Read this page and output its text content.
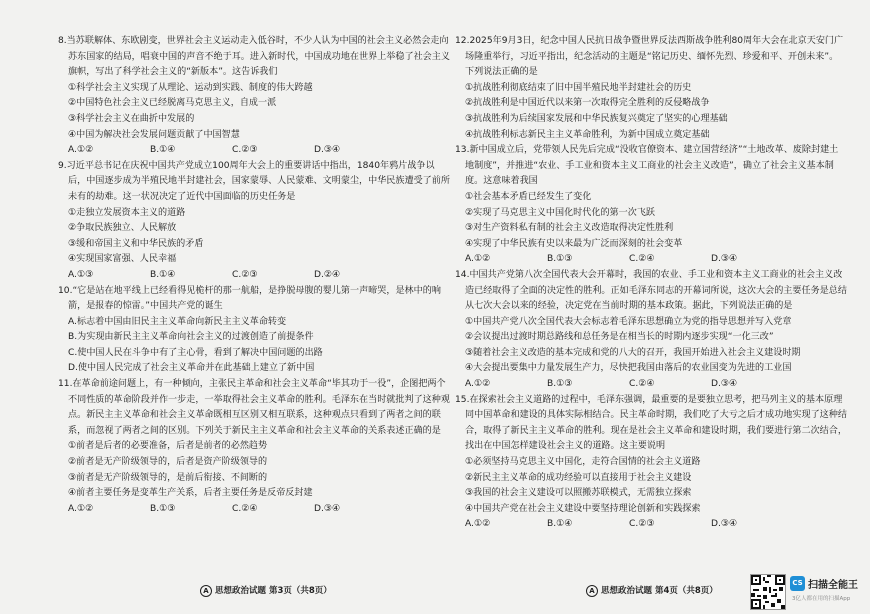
8.当苏联解体、东欧剧变，世界社会主义运动走入低谷时，不少人认为中国的社会主义必然会走向苏东国家的结局，唱衰中国的声音不绝于耳。进入新时代，中国成功地在世界上举稳了社会主义旗帜，写出了科学社会主义的“新版本”。这告诉我们
①科学社会主义实现了从理论、运动到实践、制度的伟大跨越
②中国特色社会主义已经脱离马克思主义，自成一派
③科学社会主义在曲折中发展的
④中国为解决社会发展问题贡献了中国智慧
A.①②	B.①④	C.②③	D.③④
9.习近平总书记在庆祝中国共产党成立100周年大会上的重要讲话中指出，1840年鸦片战争以后，中国逐步成为半殖民地半封建社会，国家蒙辱、人民蒙难、文明蒙尘，中华民族遭受了前所未有的劫难。这一状况决定了近代中国面临的历史任务是
①走独立发展资本主义的道路
②争取民族独立、人民解放
③缓和帝国主义和中华民族的矛盾
④实现国家富强、人民幸福
A.①③	B.①④	C.②③	D.②④
10.“它是站在地平线上已经看得见桅杆的那一航船，是挣脱母腹的婴儿第一声啼哭，是林中的响箭，是报春的惊雷。”中国共产党的诞生
A.标志着中国由旧民主主义革命向新民主主义革命转变
B.为实现由新民主主义革命向社会主义的过渡创造了前提条件
C.使中国人民在斗争中有了主心骨，看到了解决中国问题的出路
D.使中国人民完成了社会主义革命并在此基础上建立了新中国
11.在革命前途问题上，有一种倾向，主张民主革命和社会主义革命“毕其功于一役”，企图把两个不同性质的革命阶段并作一步走，一举取得社会主义革命的胜利。毛泽东在当时就批判了这种观点。新民主主义革命和社会主义革命既相互区别又相互联系，这种观点只看到了两者之间的联系，而忽视了两者之间的区别。下列关于新民主主义革命和社会主义革命的关系表述正确的是
①前者是后者的必要准备，后者是前者的必然趋势
②前者是无产阶级领导的，后者是资产阶级领导的
③前者是无产阶级领导的，是前后衔接、不间断的
④前者主要任务是变革生产关系，后者主要任务是反帝反封建
A.①②	B.①③	C.②④	D.③④
12.2025年9月3日，纪念中国人民抗日战争暨世界反法西斯战争胜利80周年大会在北京天安门广场隆重举行，习近平指出，纪念活动的主题是“铭记历史、缅怀先烈、珍爱和平、开创未来”。下列说法正确的是
①抗战胜利彻底结束了旧中国半殖民地半封建社会的历史
②抗战胜利是中国近代以来第一次取得完全胜利的反侵略战争
③抗战胜利为后续国家发展和中华民族复兴奠定了坚实的心理基础
④抗战胜利标志新民主主义革命胜利，为新中国成立奠定基础
13.新中国成立后，党带领人民先后完成“没收官僚资本、建立国营经济”“土地改革、废除封建土地制度”，并推进“农业、手工业和资本主义工商业的社会主义改造”，确立了社会主义基本制度。这意味着我国
①社会基本矛盾已经发生了变化
②实现了马克思主义中国化时代化的第一次飞跃
③对生产资料私有制的社会主义改造取得决定性胜利
④实现了中华民族有史以来最为广泛而深刻的社会变革
A.①②	B.①③	C.②④	D.③④
14.中国共产党第八次全国代表大会开幕时，我国的农业、手工业和资本主义工商业的社会主义改造已经取得了全面的决定性的胜利。正如毛泽东同志的开幕词所说，这次大会的主要任务是总结从七次大会以来的经验，决定党在当前时期的基本政策。据此，下列说法正确的是
①中国共产党八次全国代表大会标志着毛泽东思想确立为党的指导思想并写入党章
②会议提出过渡时期总路线和总任务是在相当长的时期内逐步实现“一化三改”
③随着社会主义改造的基本完成和党的八大的召开，我国开始进入社会主义建设时期
④大会提出要集中力量发展生产力，尽快把我国由落后的农业国变为先进的工业国
A.①②	B.①③	C.②④	D.③④
15.在探索社会主义道路的过程中，毛泽东强调，最重要的是要独立思考，把马列主义的基本原理同中国革命和建设的具体实际相结合。民主革命时期，我们吃了大亏之后才成功地实现了这种结合，取得了新民主主义革命的胜利。现在是社会主义革命和建设时期，我们要进行第二次结合，找出在中国怎样建设社会主义的道路。这主要说明
①必须坚持马克思主义中国化，走符合国情的社会主义道路
②新民主主义革命的成功经验可以直接用于社会主义建设
③我国的社会主义建设可以照搬苏联模式，无需独立探索
④中国共产党在社会主义建设中要坚持理论创新和实践探索
A.①②	B.①④	C.②③	D.③④
A 思想政治试题 第3页（共8页）	A 思想政治试题 第4页（共8页）
CS 扫描全能王
3亿人都在用的扫描App
